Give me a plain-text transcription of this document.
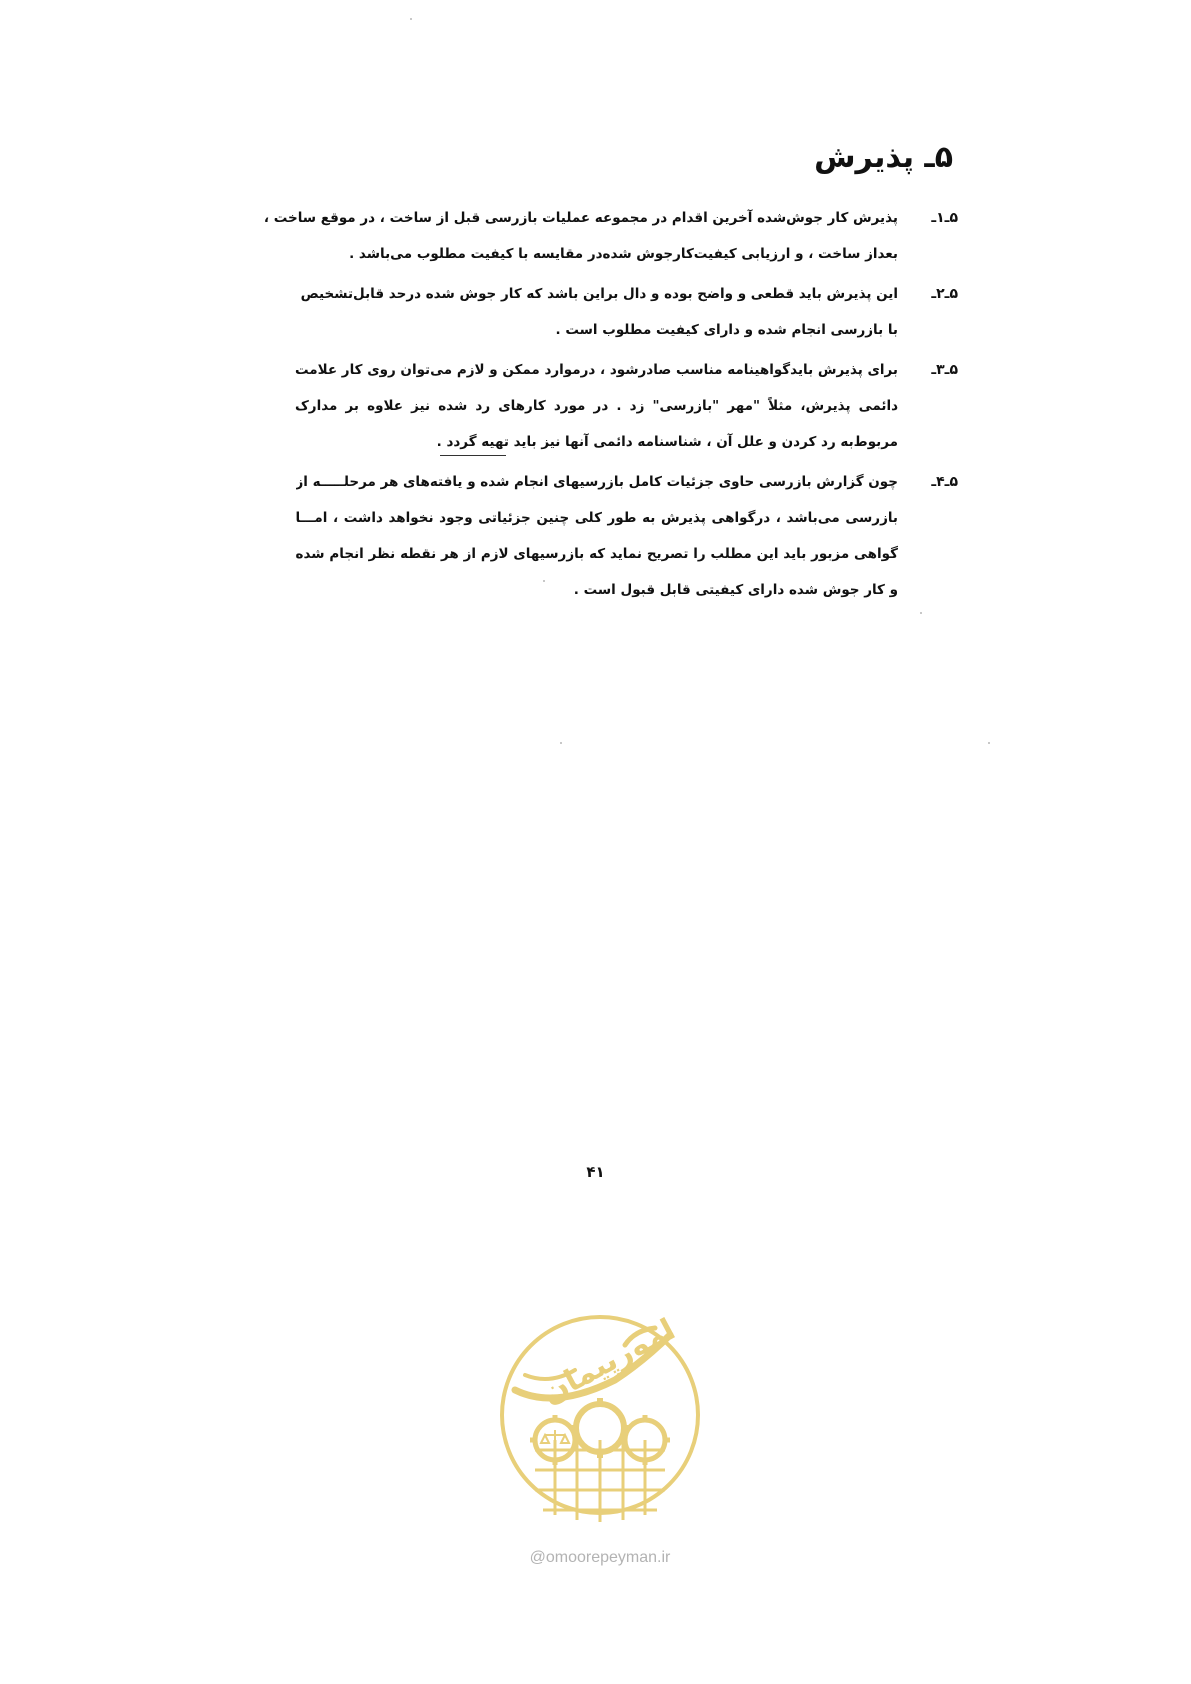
۵ـ پذیرش
۵ـ۱ـ
پذیرش کار جوش‌شده آخرین اقدام در مجموعه عملیات بازرسی قبل از ساخت ، در موقع ساخت ،
بعداز ساخت ، و ارزیابی کیفیت‌کارجوش شده‌در مقایسه با کیفیت مطلوب می‌باشد .
۵ـ۲ـ
این پذیرش باید قطعی و واضح بوده و دال براین باشد که کار جوش شده درحد قابل‌تشخیص
با بازرسی انجام شده و دارای کیفیت مطلوب است .
۵ـ۳ـ
برای پذیرش بایدگواهینامه مناسب صادرشود ، درموارد ممکن و لازم می‌توان روی کار علامت
دائمی پذیرش، مثلاً "مهر "بازرسی" زد . در مورد کارهای رد شده نیز علاوه بر مدارک
مربوط‌به رد کردن و علل آن ، شناسنامه دائمی آنها نیز باید تهیه گردد .
۵ـ۴ـ
چون گزارش بازرسی حاوی جزئیات کامل بازرسیهای انجام شده و یافته‌های هر مرحلـــــه از
بازرسی می‌باشد ، درگواهی پذیرش به طور کلی چنین جزئیاتی وجود نخواهد داشت ، امـــا
گواهی مزبور باید این مطلب را تصریح نماید که بازرسیهای لازم از هر نقطه نظر انجام شده
و کار جوش شده دارای کیفیتی قابل قبول است .
۴۱
امورپیمان
@omoorepeyman.ir
